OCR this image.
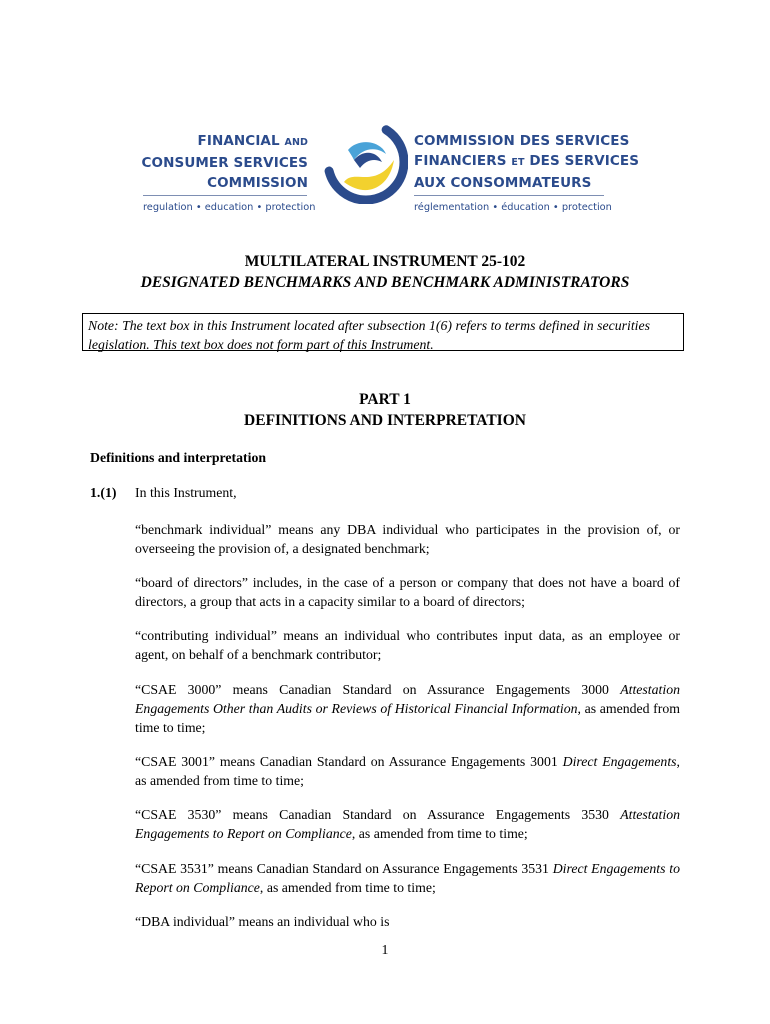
FINANCIAL AND
CONSUMER SERVICES
COMMISSION
regulation • education • protection
COMMISSION DES SERVICES
FINANCIERS ET DES SERVICES
AUX CONSOMMATEURS
réglementation • éducation • protection
MULTILATERAL INSTRUMENT 25-102
DESIGNATED BENCHMARKS AND BENCHMARK ADMINISTRATORS
Note: The text box in this Instrument located after subsection 1(6) refers to terms defined in securities legislation. This text box does not form part of this Instrument.
PART 1
DEFINITIONS AND INTERPRETATION
Definitions and interpretation
1.(1) In this Instrument,
“benchmark individual” means any DBA individual who participates in the provision of, or overseeing the provision of, a designated benchmark;
“board of directors” includes, in the case of a person or company that does not have a board of directors, a group that acts in a capacity similar to a board of directors;
“contributing individual” means an individual who contributes input data, as an employee or agent, on behalf of a benchmark contributor;
“CSAE 3000” means Canadian Standard on Assurance Engagements 3000 Attestation Engagements Other than Audits or Reviews of Historical Financial Information, as amended from time to time;
“CSAE 3001” means Canadian Standard on Assurance Engagements 3001 Direct Engagements, as amended from time to time;
“CSAE 3530” means Canadian Standard on Assurance Engagements 3530 Attestation Engagements to Report on Compliance, as amended from time to time;
“CSAE 3531” means Canadian Standard on Assurance Engagements 3531 Direct Engagements to Report on Compliance, as amended from time to time;
“DBA individual” means an individual who is
1
